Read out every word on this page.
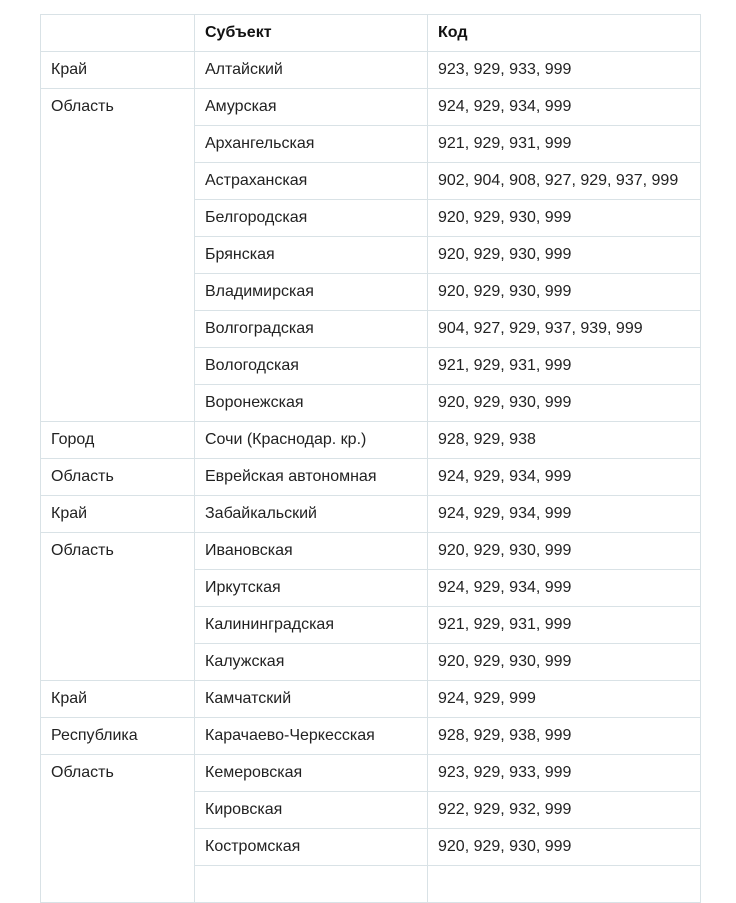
	Субъект	Код
Край	Алтайский	923, 929, 933, 999
Область	Амурская	924, 929, 934, 999
	Архангельская	921, 929, 931, 999
	Астраханская	902, 904, 908, 927, 929, 937, 999
	Белгородская	920, 929, 930, 999
	Брянская	920, 929, 930, 999
	Владимирская	920, 929, 930, 999
	Волгоградская	904, 927, 929, 937, 939, 999
	Вологодская	921, 929, 931, 999
	Воронежская	920, 929, 930, 999
Город	Сочи (Краснодар. кр.)	928, 929, 938
Область	Еврейская автономная	924, 929, 934, 999
Край	Забайкальский	924, 929, 934, 999
Область	Ивановская	920, 929, 930, 999
	Иркутская	924, 929, 934, 999
	Калининградская	921, 929, 931, 999
	Калужская	920, 929, 930, 999
Край	Камчатский	924, 929, 999
Республика	Карачаево-Черкесская	928, 929, 938, 999
Область	Кемеровская	923, 929, 933, 999
	Кировская	922, 929, 932, 999
	Костромская	920, 929, 930, 999
